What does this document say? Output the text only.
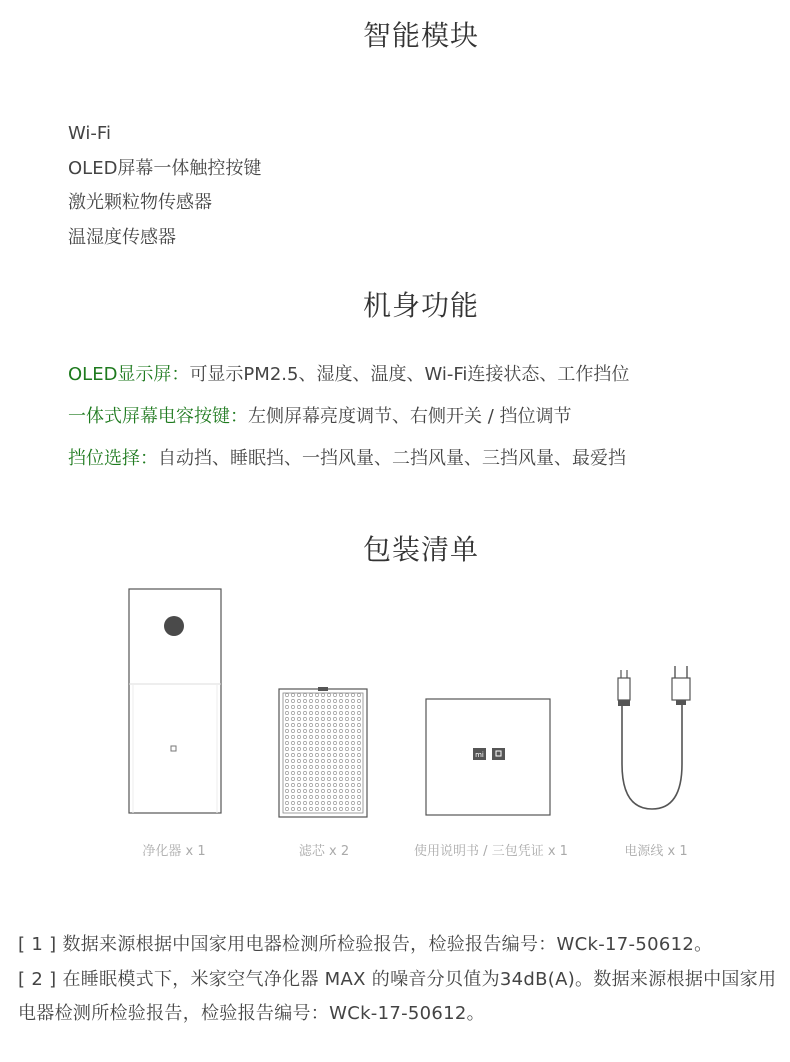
智能模块
Wi-Fi
OLED屏幕一体触控按键
激光颗粒物传感器
温湿度传感器
机身功能
OLED显示屏：可显示PM2.5、湿度、温度、Wi-Fi连接状态、工作挡位
一体式屏幕电容按键：左侧屏幕亮度调节、右侧开关 / 挡位调节
挡位选择：自动挡、睡眠挡、一挡风量、二挡风量、三挡风量、最爱挡
包装清单
mi
净化器 x 1	滤芯 x 2	使用说明书 / 三包凭证 x 1	电源线 x 1

[ 1 ] 数据来源根据中国家用电器检测所检验报告，检验报告编号：WCk-17-50612。

[ 2 ] 在睡眠模式下，米家空气净化器 MAX 的噪音分贝值为34dB(A)。数据来源根据中国家用电器检测所检验报告，检验报告编号：WCk-17-50612。
